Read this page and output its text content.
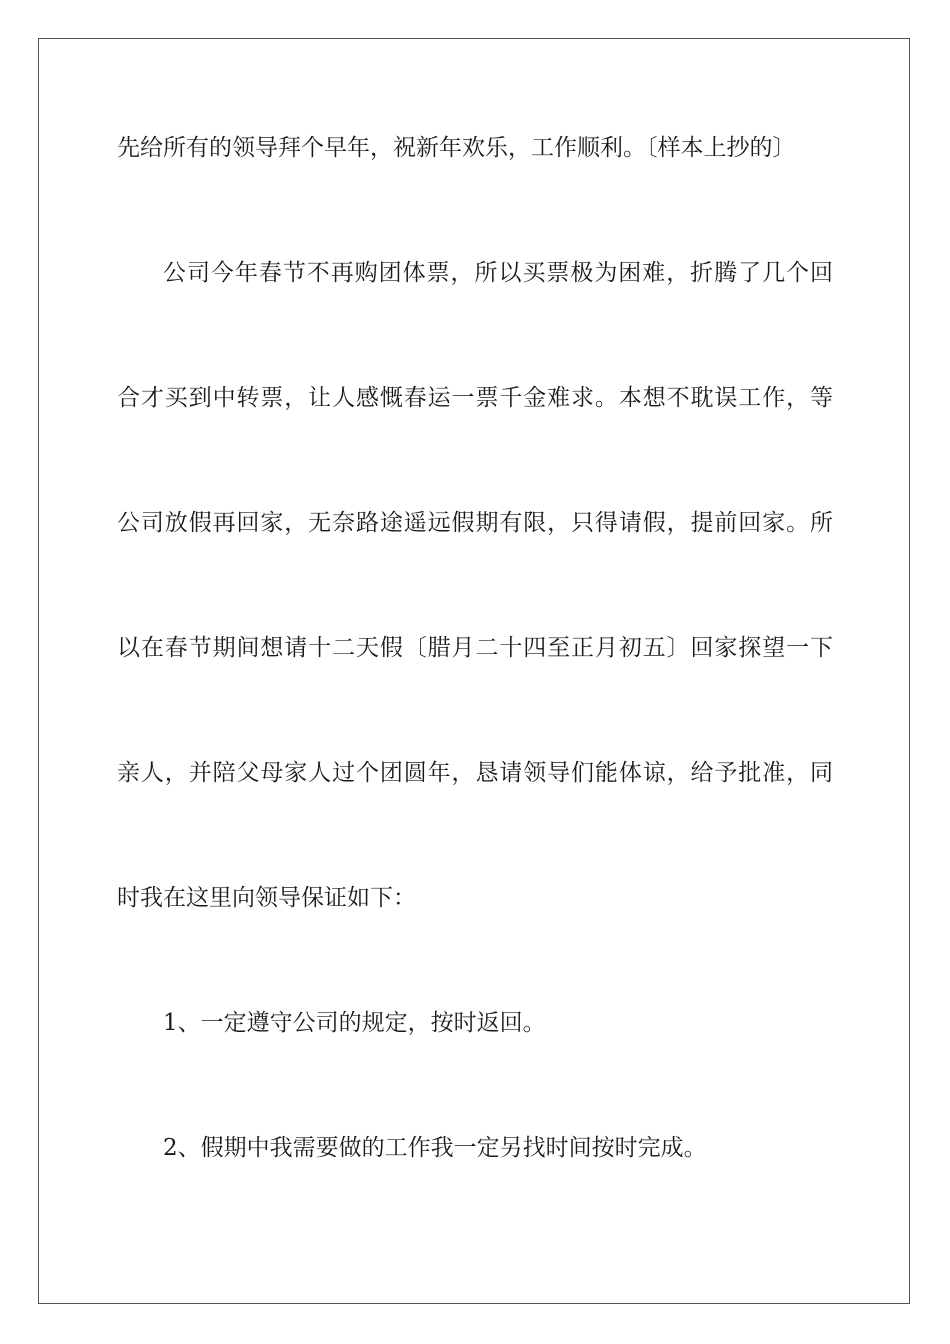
先给所有的领导拜个早年，祝新年欢乐，工作顺利。〔样本上抄的〕
公司今年春节不再购团体票，所以买票极为困难，折腾了几个回
合才买到中转票，让人感慨春运一票千金难求。本想不耽误工作，等
公司放假再回家，无奈路途遥远假期有限，只得请假，提前回家。所
以在春节期间想请十二天假〔腊月二十四至正月初五〕回家探望一下
亲人，并陪父母家人过个团圆年，恳请领导们能体谅，给予批准，同
时我在这里向领导保证如下：
1、一定遵守公司的规定，按时返回。
2、假期中我需要做的工作我一定另找时间按时完成。
